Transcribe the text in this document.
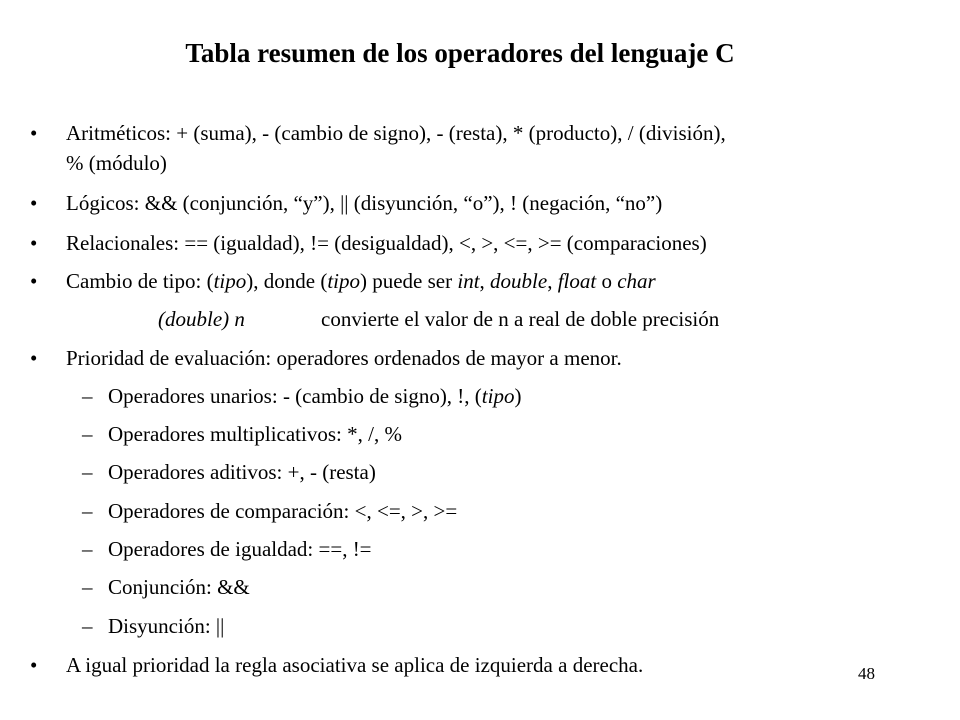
Tabla resumen de los operadores del lenguaje C
• Aritméticos: + (suma), - (cambio de signo), - (resta), * (producto), / (división),
% (módulo)
• Lógicos: && (conjunción, “y”), || (disyunción, “o”), ! (negación, “no”)
• Relacionales: == (igualdad), != (desigualdad), <, >, <=, >= (comparaciones)
• Cambio de tipo: (tipo), donde (tipo) puede ser int, double, float o char
(double) n	convierte el valor de n a real de doble precisión
• Prioridad de evaluación: operadores ordenados de mayor a menor.
– Operadores unarios: - (cambio de signo), !, (tipo)
– Operadores multiplicativos: *, /, %
– Operadores aditivos: +, - (resta)
– Operadores de comparación: <, <=, >, >=
– Operadores de igualdad: ==, !=
– Conjunción: &&
– Disyunción: ||
• A igual prioridad la regla asociativa se aplica de izquierda a derecha.	48
